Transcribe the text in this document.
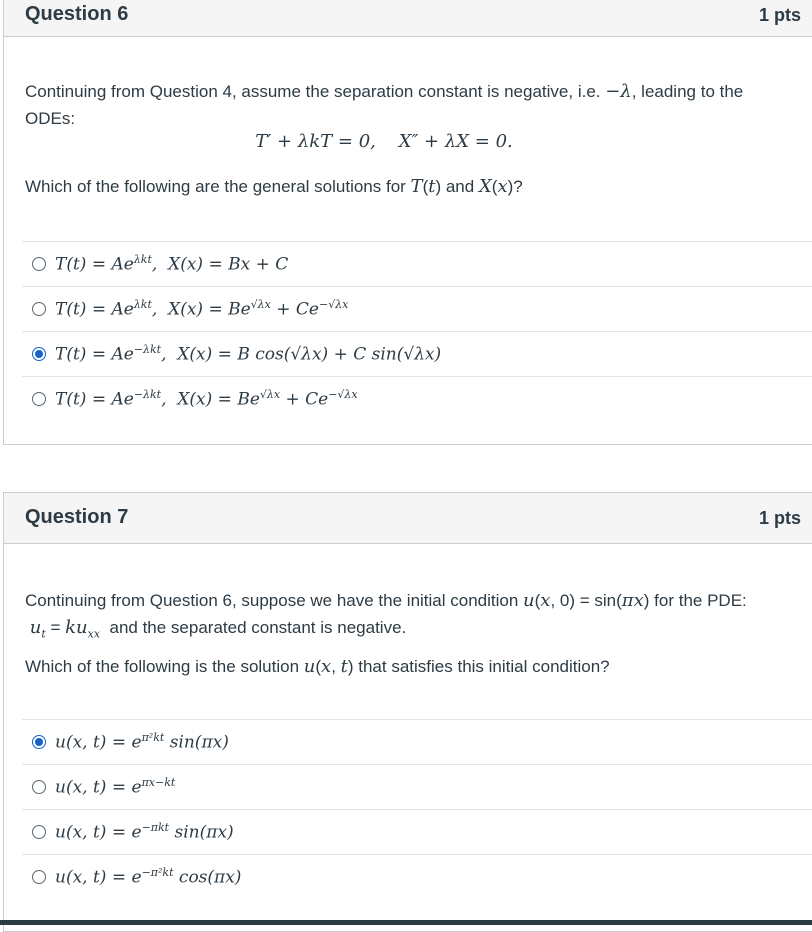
Question 6	1 pts
Continuing from Question 4, assume the separation constant is negative, i.e. −λ, leading to the
ODEs:
T′ + λkT = 0,    X″ + λX = 0.
Which of the following are the general solutions for T(t) and X(x)?
$T(t) = Ae^{\lambda kt}$,  X(x) = Bx + C
$T(t) = Ae^{\lambda kt}$,  $X(x) = Be^{√\lambda x} + Ce^{-√\lambda x}$
$T(t) = Ae^{-\lambda kt}$,  X(x) = B cos(√λx) + C sin(√λx)
$T(t) = Ae^{-\lambda kt}$,  $X(x) = Be^{√\lambda x} + Ce^{-√\lambda x}$
Question 7	1 pts
Continuing from Question 6, suppose we have the initial condition u(x, 0) = sin(πx) for the PDE:
$u_t = ku_{xx}$  and the separated constant is negative.
Which of the following is the solution u(x, t) that satisfies this initial condition?
u(x, $t) = e^{\pi^2kt}$ sin(πx)
u(x, $t) = e^{\pi x-kt}$
u(x, $t) = e^{-\pi kt}$ sin(πx)
u(x, $t) = e^{-\pi^2kt}$ cos(πx)
